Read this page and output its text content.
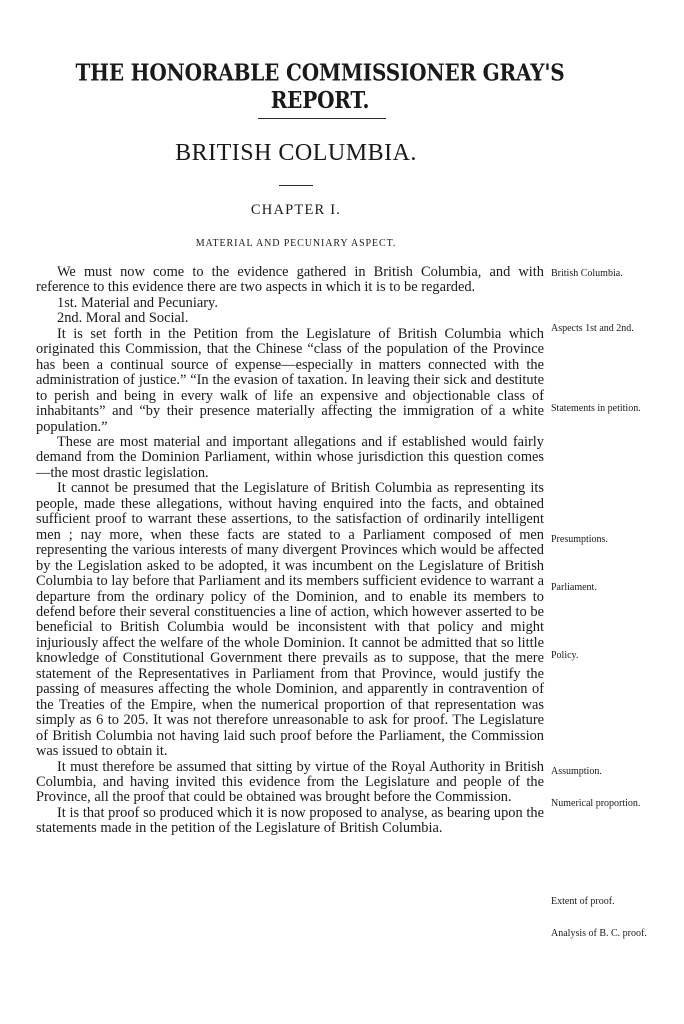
THE HONORABLE COMMISSIONER GRAY'S REPORT.
BRITISH COLUMBIA.
CHAPTER I.
MATERIAL AND PECUNIARY ASPECT.

We must now come to the evidence gathered in British Columbia, and with reference to this evidence there are two aspects in which it is to be regarded.

1st. Material and Pecuniary.

2nd. Moral and Social.

It is set forth in the Petition from the Legislature of British Columbia which originated this Commission, that the Chinese “class of the population of the Province has been a continual source of expense—especially in matters connected with the administration of justice.” “In the evasion of taxation. In leaving their sick and destitute to perish and being in every walk of life an expensive and objectionable class of inhabitants” and “by their presence materially affecting the immigration of a white population.”

These are most material and important allegations and if established would fairly demand from the Dominion Parliament, within whose jurisdiction this question comes—the most drastic legislation.

It cannot be presumed that the Legislature of British Columbia as representing its people, made these allegations, without having enquired into the facts, and obtained sufficient proof to warrant these assertions, to the satisfaction of ordinarily intelligent men ; nay more, when these facts are stated to a Parliament composed of men representing the various interests of many divergent Provinces which would be affected by the Legislation asked to be adopted, it was incumbent on the Legislature of British Columbia to lay before that Parliament and its members sufficient evidence to warrant a departure from the ordinary policy of the Dominion, and to enable its members to defend before their several constituencies a line of action, which however asserted to be beneficial to British Columbia would be inconsistent with that policy and might injuriously affect the welfare of the whole Dominion. It cannot be admitted that so little knowledge of Constitutional Government there prevails as to suppose, that the mere statement of the Representatives in Parliament from that Province, would justify the passing of measures affecting the whole Dominion, and apparently in contravention of the Treaties of the Empire, when the numerical proportion of that representation was simply as 6 to 205. It was not therefore unreasonable to ask for proof. The Legislature of British Columbia not having laid such proof before the Parliament, the Commission was issued to obtain it.

It must therefore be assumed that sitting by virtue of the Royal Authority in British Columbia, and having invited this evidence from the Legislature and people of the Province, all the proof that could be obtained was brought before the Commission.

It is that proof so produced which it is now proposed to analyse, as bearing upon the statements made in the petition of the Legislature of British Columbia.

British Columbia.
Aspects 1st and 2nd.
Statements in petition.
Presumptions.
Parliament.
Policy.
Assumption.
Numerical proportion.
Extent of proof.
Analysis of B. C. proof.
